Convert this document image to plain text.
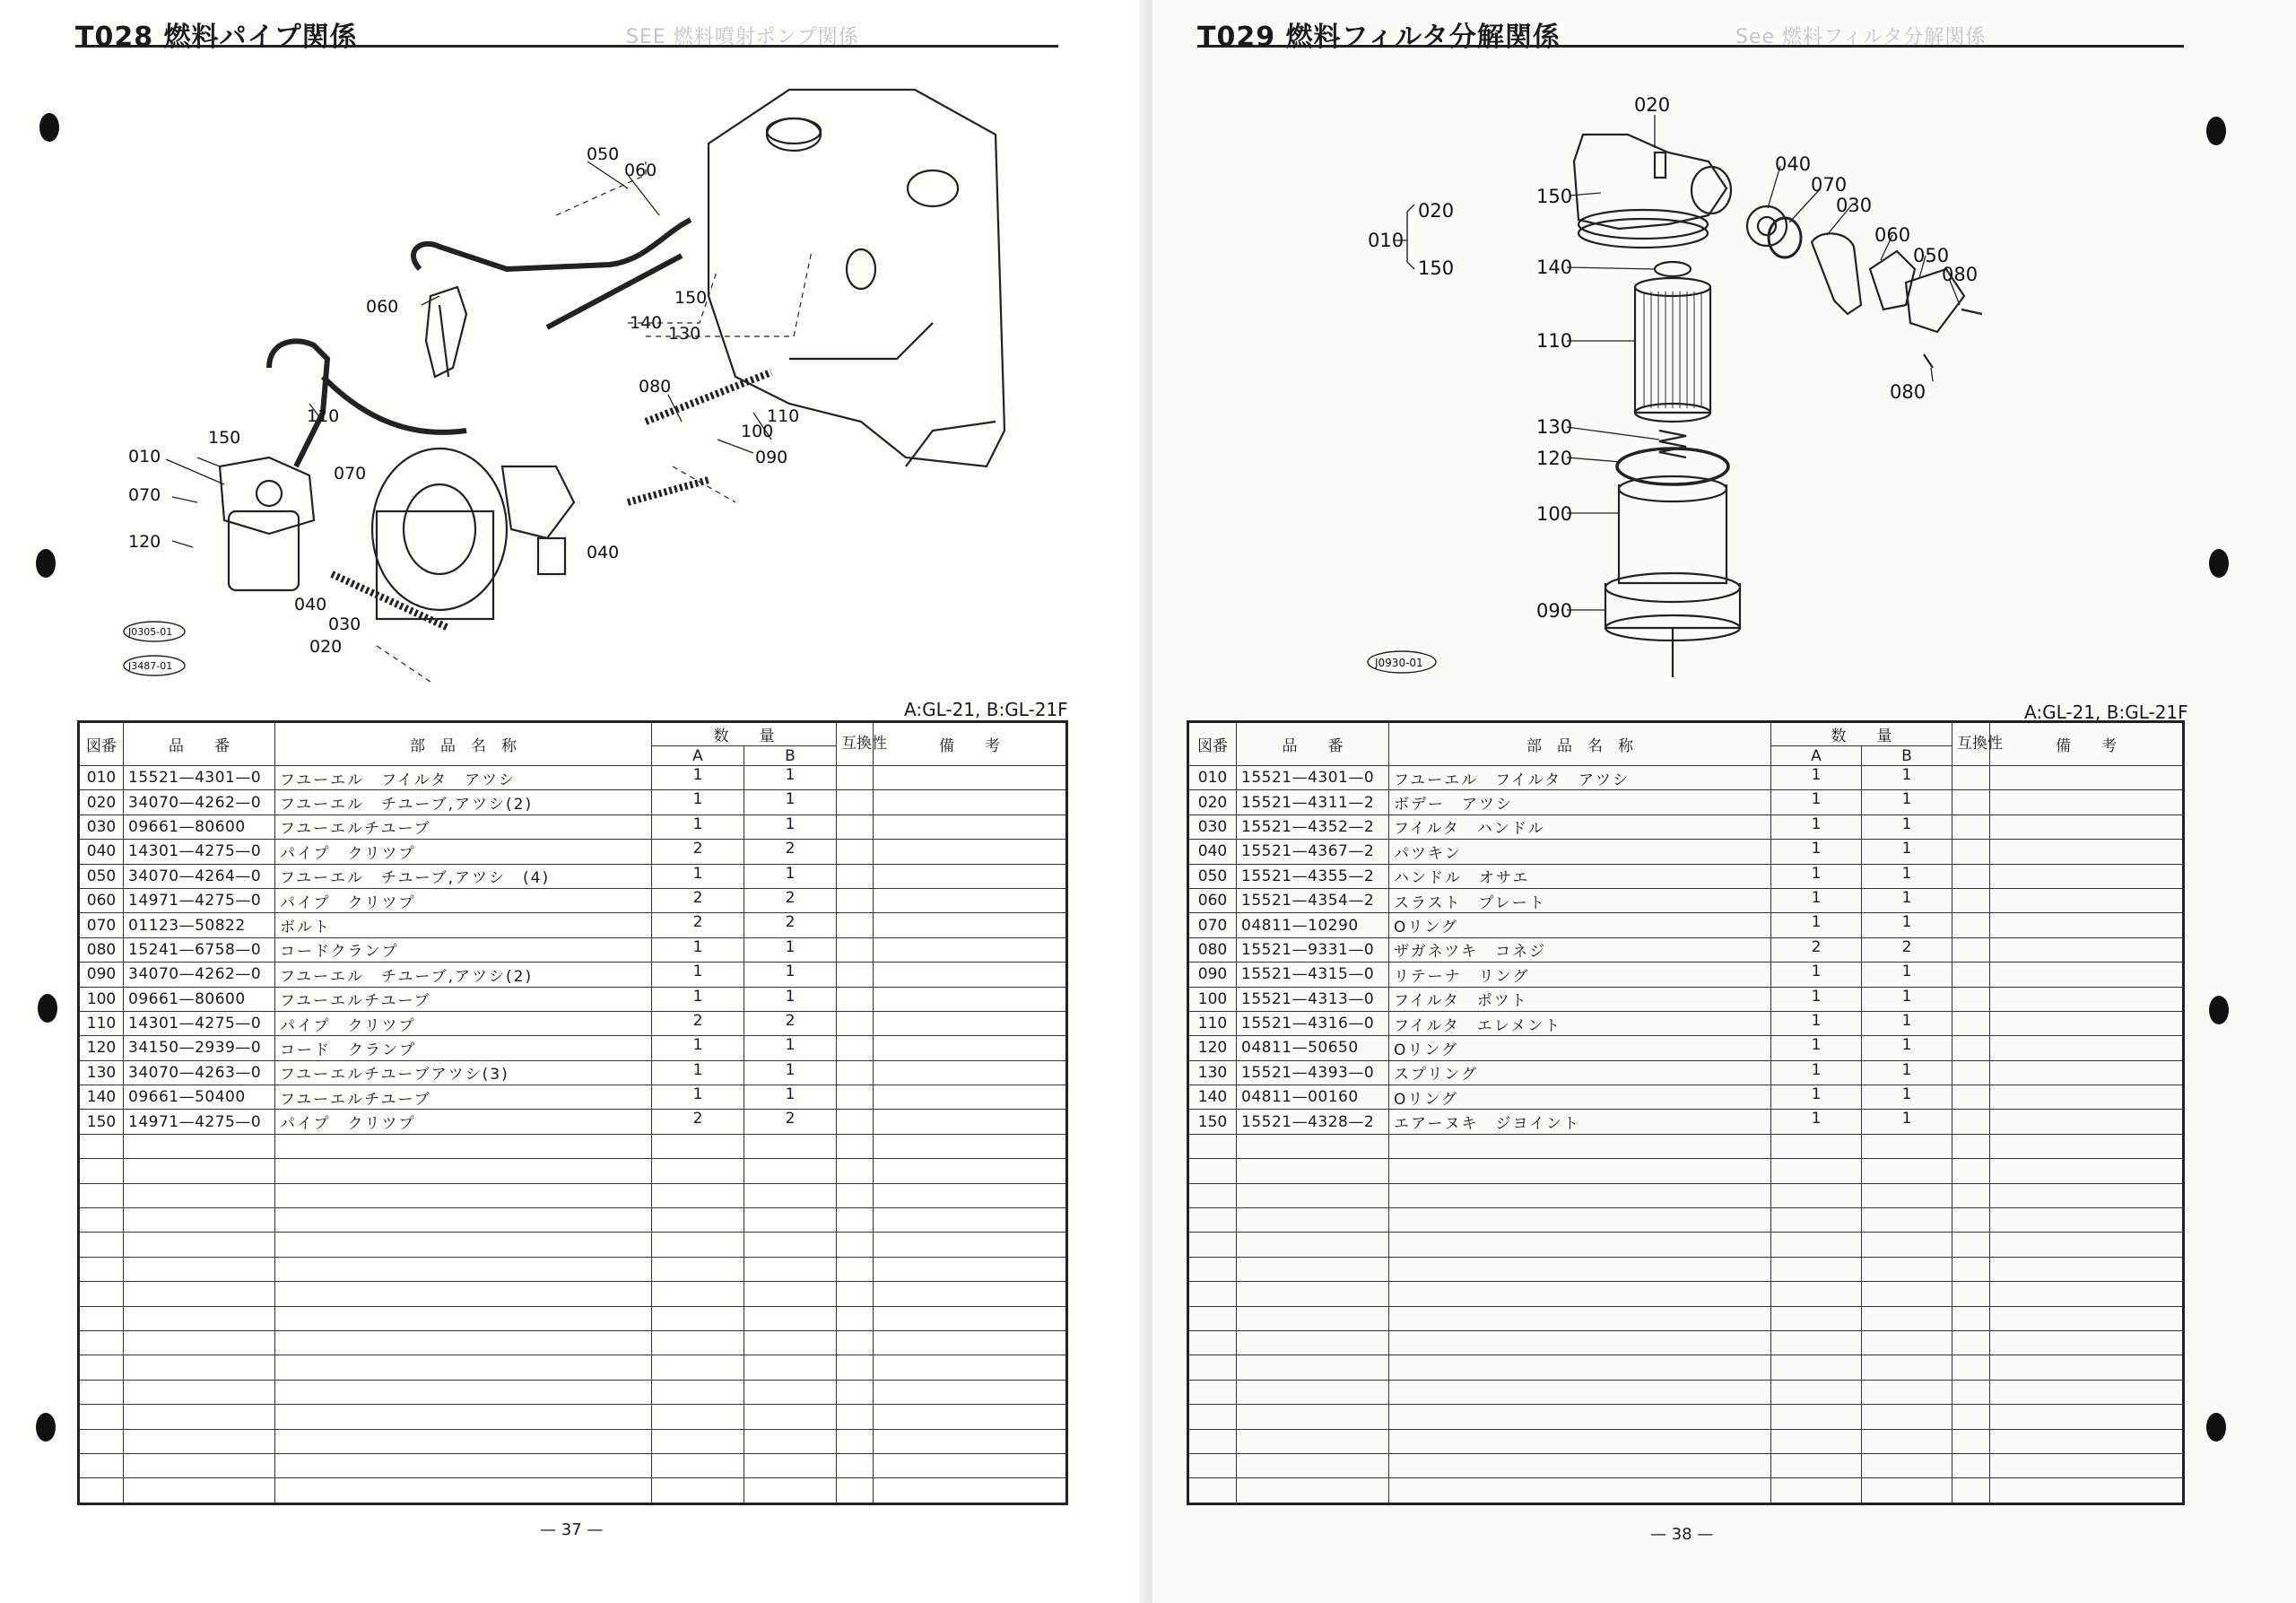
T028 燃料パイプ関係	SEE 燃料噴射ポンプ関係
050
060
060	150
140
130
110
080
110
100
090
150
010
070
070
120
040
040
030
020
J0305-01
J3487-01
A:GL-21, B:GL-21F
図番	品　　番	部　品　名　称	数　　量		互換性	備　　考
			A	B		
010	15521—4301—0	フユーエル　フイルタ　アツシ	1	1		
020	34070—4262—0	フユーエル　チユーブ,アツシ(2)	1	1		
030	09661—80600	フユーエルチユーブ	1	1		
040	14301—4275—0	パイプ　クリツプ	2	2		
050	34070—4264—0	フユーエル　チユーブ,アツシ　(4)	1	1		
060	14971—4275—0	パイプ　クリツプ	2	2		
070	01123—50822	ボルト	2	2		
080	15241—6758—0	コードクランプ	1	1		
090	34070—4262—0	フユーエル　チユーブ,アツシ(2)	1	1		
100	09661—80600	フユーエルチユーブ	1	1		
110	14301—4275—0	パイプ　クリツプ	2	2		
120	34150—2939—0	コード　クランプ	1	1		
130	34070—4263—0	フユーエルチユーブアツシ(3)	1	1		
140	09661—50400	フユーエルチユーブ	1	1		
150	14971—4275—0	パイプ　クリツプ	2	2		

— 37 —
T029 燃料フィルタ分解関係	See 燃料フィルタ分解関係
020
040
070
030
060
050
080
080
150
140
110
130
120
100
090
010
020
150
J0930-01
A:GL-21, B:GL-21F
図番	品　　番	部　品　名　称	数　　量		互換性	備　　考
			A	B		
010	15521—4301—0	フユーエル　フイルタ　アツシ	1	1		
020	15521—4311—2	ボデー　アツシ	1	1		
030	15521—4352—2	フイルタ　ハンドル	1	1		
040	15521—4367—2	パツキン	1	1		
050	15521—4355—2	ハンドル　オサエ	1	1		
060	15521—4354—2	スラスト　プレート	1	1		
070	04811—10290	Oリング	1	1		
080	15521—9331—0	ザガネツキ　コネジ	2	2		
090	15521—4315—0	リテーナ　リング	1	1		
100	15521—4313—0	フイルタ　ポツト	1	1		
110	15521—4316—0	フイルタ　エレメント	1	1		
120	04811—50650	Oリング	1	1		
130	15521—4393—0	スプリング	1	1		
140	04811—00160	Oリング	1	1		
150	15521—4328—2	エアーヌキ　ジヨイント	1	1		

— 38 —
